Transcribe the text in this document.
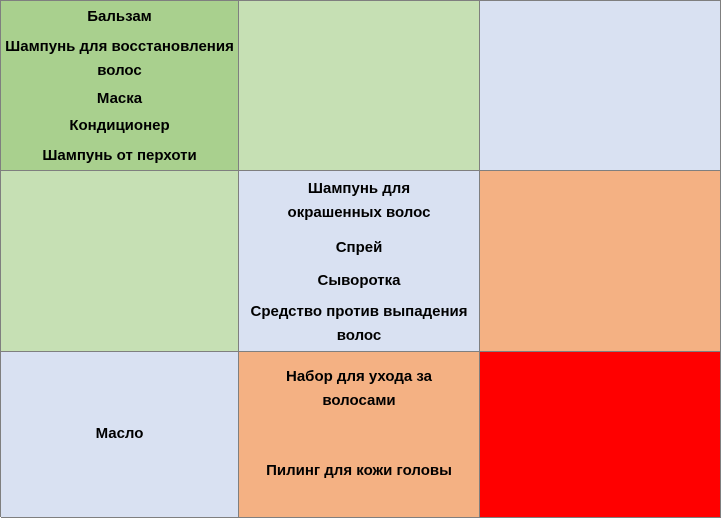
Бальзам
Шампунь для восстановления волос
Маска
Кондиционер
Шампунь от перхоти
Шампунь для окрашенных волос
Спрей
Сыворотка
Средство против выпадения волос
Масло
Набор для ухода за волосами
Пилинг для кожи головы
